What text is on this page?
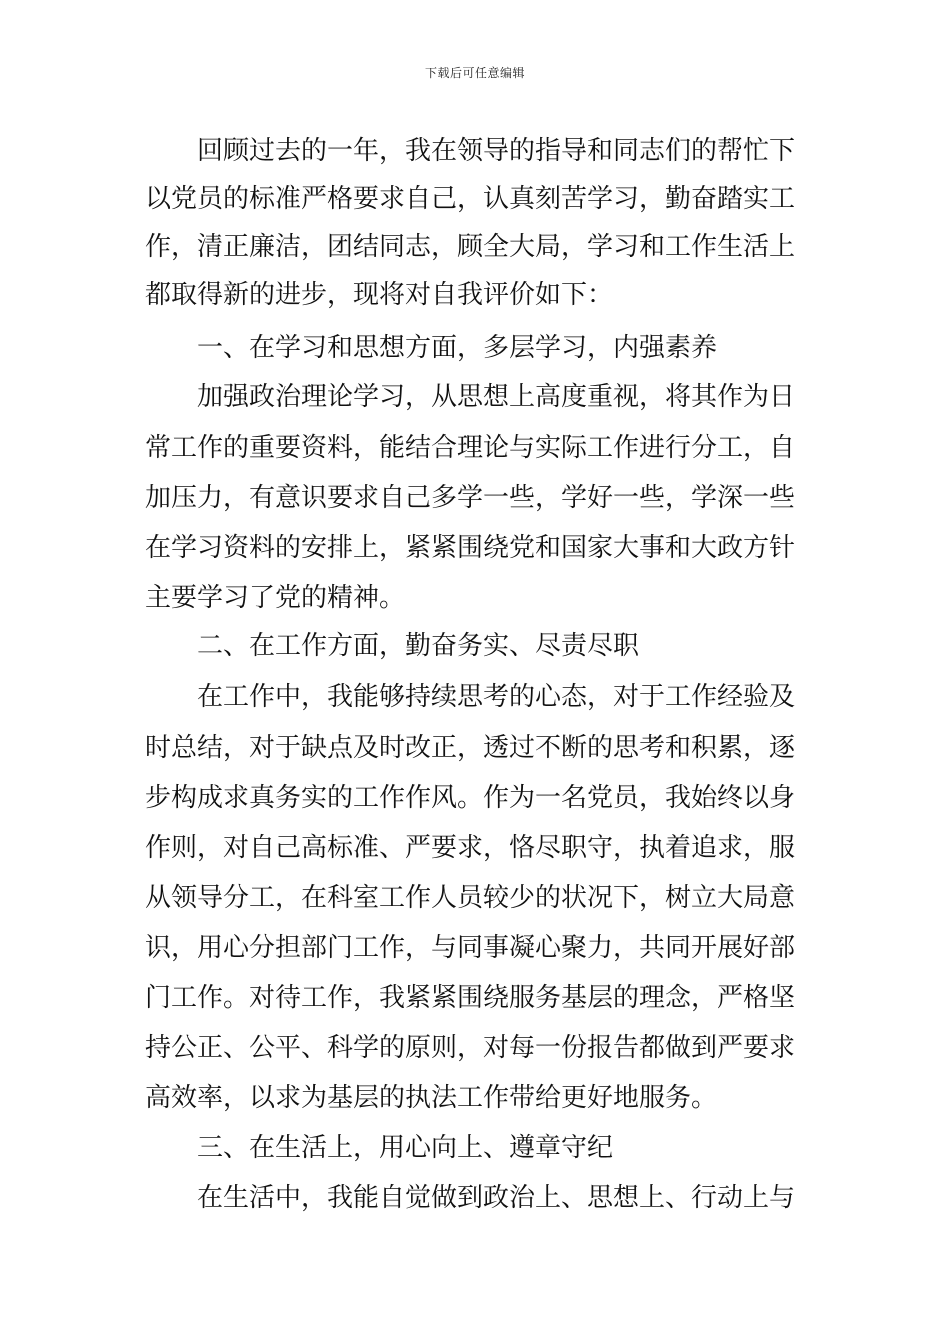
下载后可任意编辑
回顾过去的一年，我在领导的指导和同志们的帮忙下
以党员的标准严格要求自己，认真刻苦学习，勤奋踏实工
作，清正廉洁，团结同志，顾全大局，学习和工作生活上
都取得新的进步，现将对自我评价如下：
一、在学习和思想方面，多层学习，内强素养
加强政治理论学习，从思想上高度重视，将其作为日
常工作的重要资料，能结合理论与实际工作进行分工，自
加压力，有意识要求自己多学一些，学好一些，学深一些
在学习资料的安排上，紧紧围绕党和国家大事和大政方针
主要学习了党的精神。
二、在工作方面，勤奋务实、尽责尽职
在工作中，我能够持续思考的心态，对于工作经验及
时总结，对于缺点及时改正，透过不断的思考和积累，逐
步构成求真务实的工作作风。作为一名党员，我始终以身
作则，对自己高标准、严要求，恪尽职守，执着追求，服
从领导分工，在科室工作人员较少的状况下，树立大局意
识，用心分担部门工作，与同事凝心聚力，共同开展好部
门工作。对待工作，我紧紧围绕服务基层的理念，严格坚
持公正、公平、科学的原则，对每一份报告都做到严要求
高效率，以求为基层的执法工作带给更好地服务。
三、在生活上，用心向上、遵章守纪
在生活中，我能自觉做到政治上、思想上、行动上与
